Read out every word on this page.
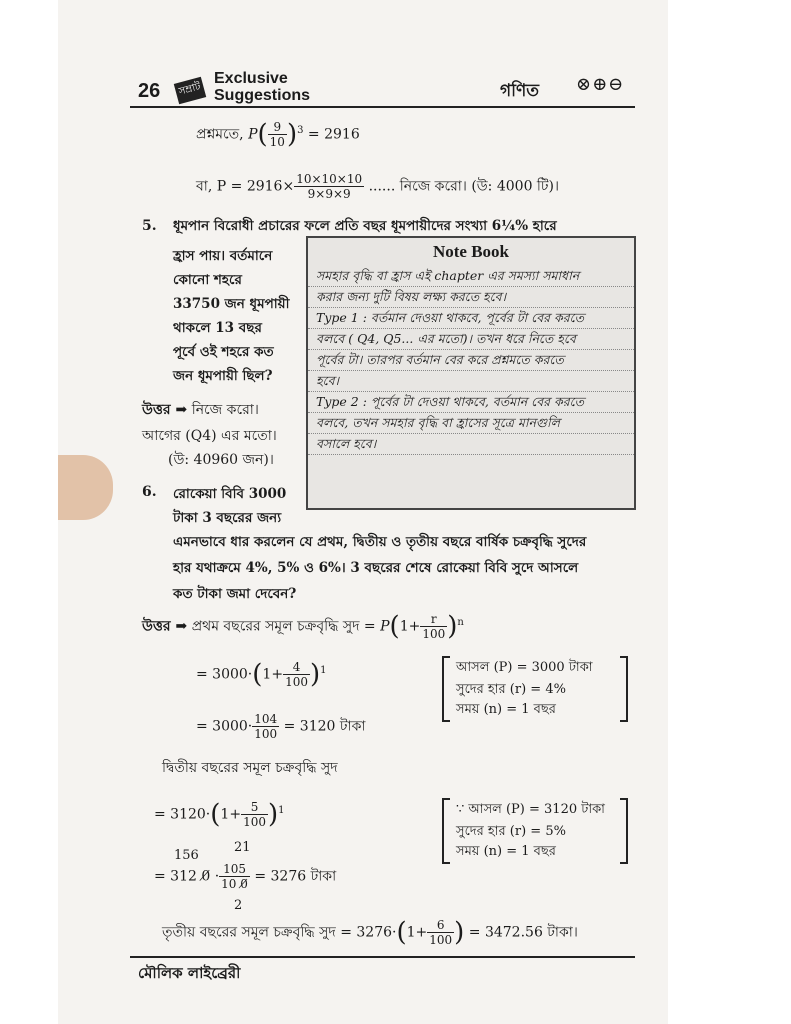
26	সম্রাট
Exclusive
Suggestions	গণিত ⊗⊕⊖
প্রশ্নমতে, $P( \frac{9}{10} )^3 = 2916$
বা, $P = 2916\times \frac{10\times 10\times 10}{9\times 9\times 9}$ ...... নিজে করো। (উ: 4000 টি)।
5. ধূমপান বিরোধী প্রচারের ফলে প্রতি বছর ধূমপায়ীদের সংখ্যা 6¼% হারে
হ্রাস পায়। বর্তমানে
কোনো শহরে
33750 জন ধূমপায়ী
থাকলে 13 বছর
পূর্বে ওই শহরে কত
জন ধূমপায়ী ছিল?
উত্তর ➡ নিজে করো।
আগের (Q4) এর মতো।
(উ: 40960 জন)।
Note Book
সমহার বৃদ্ধি বা হ্রাস এই chapter এর সমস্যা সমাধান
করার জন্য দুটি বিষয় লক্ষ্য করতে হবে।
Type 1 : বর্তমান দেওয়া থাকবে, পূর্বের টা বের করতে
বলবে ( Q4, Q5... এর মতো)। তখন ধরে নিতে হবে
পূর্বের টা। তারপর বর্তমান বের করে প্রশ্নমতে করতে
হবে।
Type 2 : পূর্বের টা দেওয়া থাকবে, বর্তমান বের করতে
বলবে, তখন সমহার বৃদ্ধি বা হ্রাসের সূত্রে মানগুলি
বসালে হবে।
6. রোকেয়া বিবি 3000
টাকা 3 বছরের জন্য
এমনভাবে ধার করলেন যে প্রথম, দ্বিতীয় ও তৃতীয় বছরে বার্ষিক চক্রবৃদ্ধি সুদের
হার যথাক্রমে 4%, 5% ও 6%। 3 বছরের শেষে রোকেয়া বিবি সুদে আসলে
কত টাকা জমা দেবেন?
উত্তর ➡ প্রথম বছরের সমূল চক্রবৃদ্ধি সুদ = $P(1+ \frac{r}{100} )^n$
= $3000\cdot(1+ \frac{4}{100} )^1$
= $3000\cdot \frac{104}{100} = 3120$ টাকা
আসল (P) = 3000 টাকা
সুদের হার (r) = 4%
সময় (n) = 1 বছর
দ্বিতীয় বছরের সমূল চক্রবৃদ্ধি সুদ
= $3120\cdot(1+ \frac{5}{100} )^1$	∵ আসল (P) = 3120 টাকা
সুদের হার (r) = 5%
সময় (n) = 1 বছর
156
21
= 312 0̸ · $\frac{105}{10 0̸} = 3276$ টাকা
2
তৃতীয় বছরের সমূল চক্রবৃদ্ধি সুদ = $3276\cdot(1+ \frac{6}{100}$ ) = 3472.56 টাকা।
মৌলিক লাইব্রেরী
